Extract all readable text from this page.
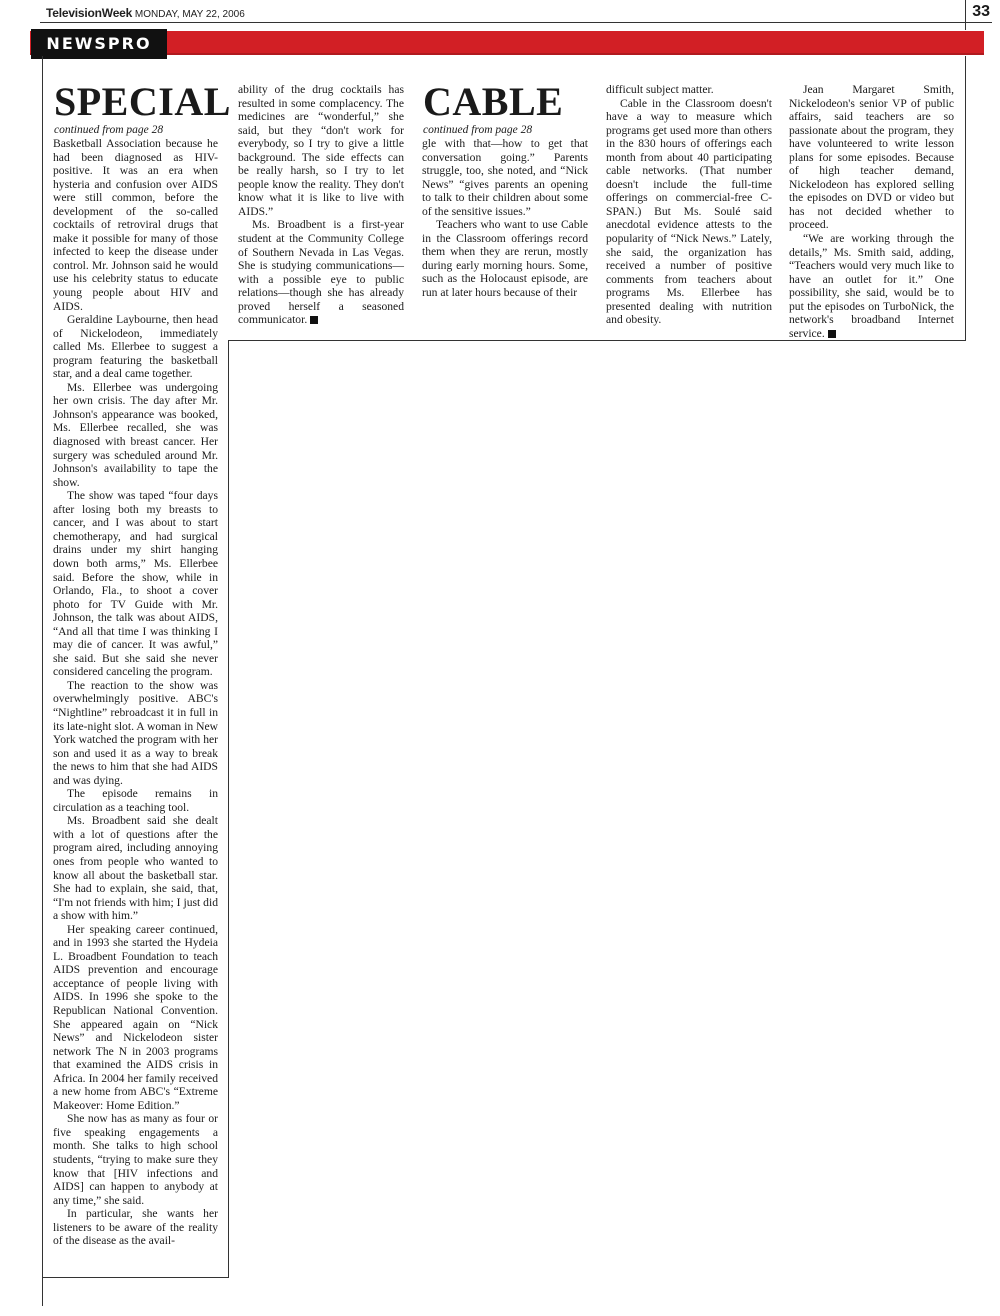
TelevisionWeek MONDAY, MAY 22, 2006	33
NEWSPRO
SPECIAL
continued from page 28

Basketball Association because he had been diagnosed as HIV-positive. It was an era when hysteria and confusion over AIDS were still common, before the development of the so-called cocktails of retroviral drugs that make it possible for many of those infected to keep the disease under control. Mr. Johnson said he would use his celebrity status to educate young people about HIV and AIDS.

Geraldine Laybourne, then head of Nickelodeon, immediately called Ms. Ellerbee to suggest a program featuring the basketball star, and a deal came together.

Ms. Ellerbee was undergoing her own crisis. The day after Mr. Johnson's appearance was booked, Ms. Ellerbee recalled, she was diagnosed with breast cancer. Her surgery was scheduled around Mr. Johnson's availability to tape the show.

The show was taped “four days after losing both my breasts to cancer, and I was about to start chemotherapy, and had surgical drains under my shirt hanging down both arms,” Ms. Ellerbee said. Before the show, while in Orlando, Fla., to shoot a cover photo for TV Guide with Mr. Johnson, the talk was about AIDS, “And all that time I was thinking I may die of cancer. It was awful,” she said. But she said she never considered canceling the program.

The reaction to the show was overwhelmingly positive. ABC's “Nightline” rebroadcast it in full in its late-night slot. A woman in New York watched the program with her son and used it as a way to break the news to him that she had AIDS and was dying.

The episode remains in circulation as a teaching tool.

Ms. Broadbent said she dealt with a lot of questions after the program aired, including annoying ones from people who wanted to know all about the basketball star. She had to explain, she said, that, “I'm not friends with him; I just did a show with him.”

Her speaking career continued, and in 1993 she started the Hydeia L. Broadbent Foundation to teach AIDS prevention and encourage acceptance of people living with AIDS. In 1996 she spoke to the Republican National Convention. She appeared again on “Nick News” and Nickelodeon sister network The N in 2003 programs that examined the AIDS crisis in Africa. In 2004 her family received a new home from ABC's “Extreme Makeover: Home Edition.”

She now has as many as four or five speaking engagements a month. She talks to high school students, “trying to make sure they know that [HIV infections and AIDS] can happen to anybody at any time,” she said.

In particular, she wants her listeners to be aware of the reality of the disease as the avail-

ability of the drug cocktails has resulted in some complacency. The medicines are “wonderful,” she said, but they “don't work for everybody, so I try to give a little background. The side effects can be really harsh, so I try to let people know the reality. They don't know what it is like to live with AIDS.”

Ms. Broadbent is a first-year student at the Community College of Southern Nevada in Las Vegas. She is studying communications—with a possible eye to public relations—though she has already proved herself a seasoned communicator.

CABLE
continued from page 28

gle with that—how to get that conversation going.” Parents struggle, too, she noted, and “Nick News” “gives parents an opening to talk to their children about some of the sensitive issues.”

Teachers who want to use Cable in the Classroom offerings record them when they are rerun, mostly during early morning hours. Some, such as the Holocaust episode, are run at later hours because of their

difficult subject matter.

Cable in the Classroom doesn't have a way to measure which programs get used more than others in the 830 hours of offerings each month from about 40 participating cable networks. (That number doesn't include the full-time offerings on commercial-free C-SPAN.) But Ms. Soulé said anecdotal evidence attests to the popularity of “Nick News.” Lately, she said, the organization has received a number of positive comments from teachers about programs Ms. Ellerbee has presented dealing with nutrition and obesity.

Jean Margaret Smith, Nickelodeon's senior VP of public affairs, said teachers are so passionate about the program, they have volunteered to write lesson plans for some episodes. Because of high teacher demand, Nickelodeon has explored selling the episodes on DVD or video but has not decided whether to proceed.

“We are working through the details,” Ms. Smith said, adding, “Teachers would very much like to have an outlet for it.” One possibility, she said, would be to put the episodes on TurboNick, the network's broadband Internet service.
